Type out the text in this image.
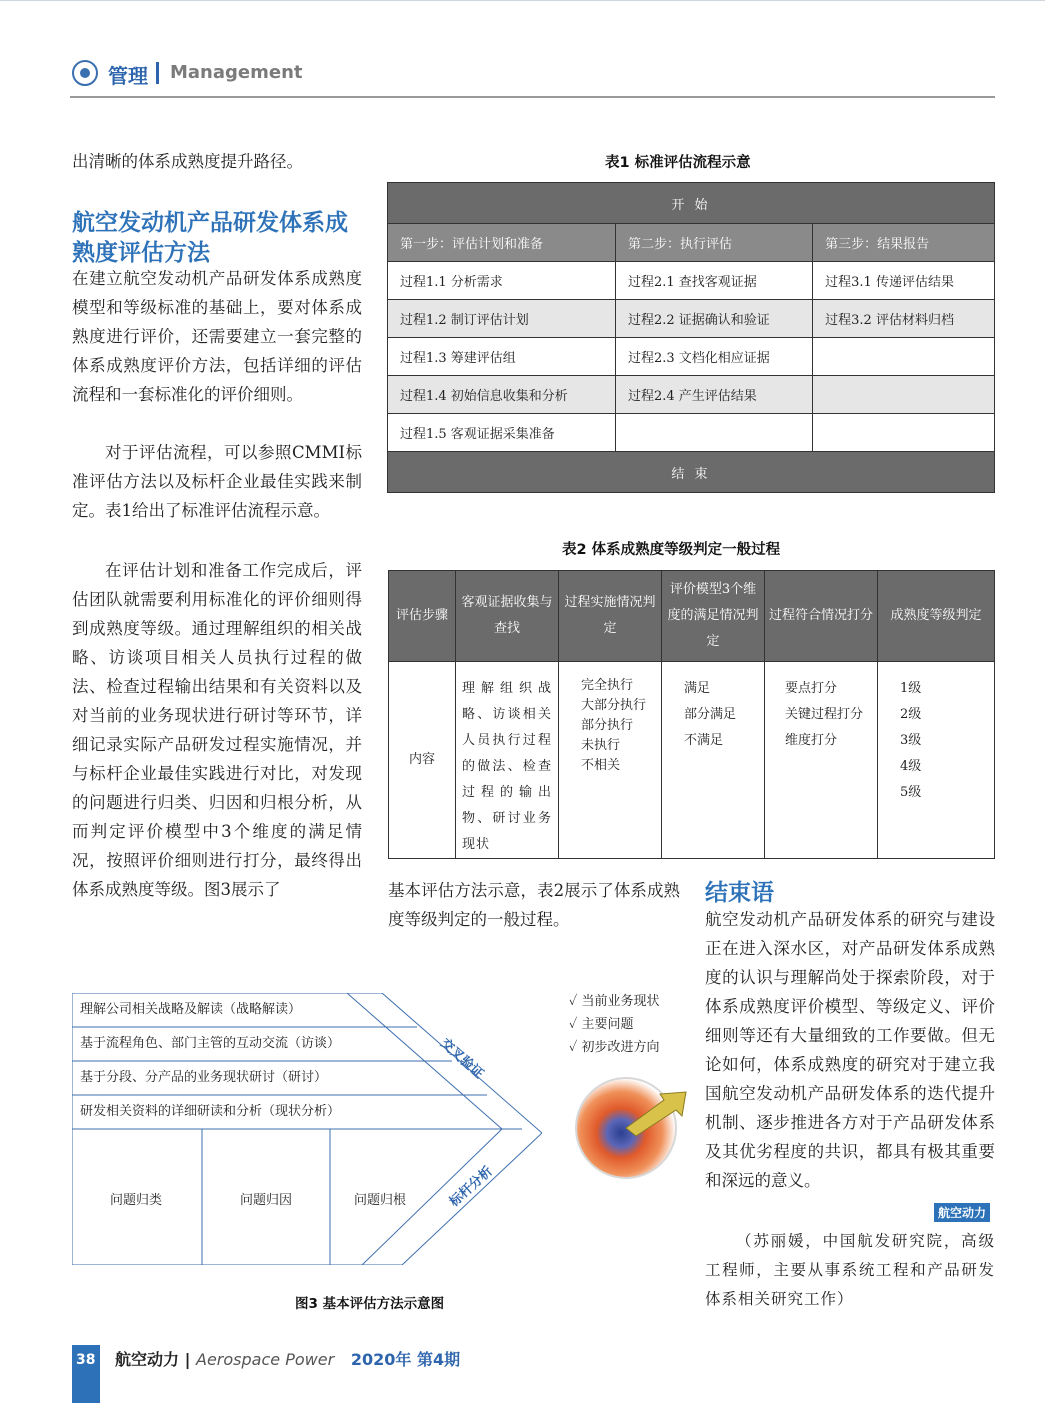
管理 Management
出清晰的体系成熟度提升路径。
航空发动机产品研发体系成熟度评估方法
在建立航空发动机产品研发体系成熟度模型和等级标准的基础上，要对体系成熟度进行评价，还需要建立一套完整的体系成熟度评价方法，包括详细的评估流程和一套标准化的评价细则。
对于评估流程，可以参照CMMI标准评估方法以及标杆企业最佳实践来制定。表1给出了标准评估流程示意。
在评估计划和准备工作完成后，评估团队就需要利用标准化的评价细则得到成熟度等级。通过理解组织的相关战略、访谈项目相关人员执行过程的做法、检查过程输出结果和有关资料以及对当前的业务现状进行研讨等环节，详细记录实际产品研发过程实施情况，并与标杆企业最佳实践进行对比，对发现的问题进行归类、归因和归根分析，从而判定评价模型中3个维度的满足情况，按照评价细则进行打分，最终得出体系成熟度等级。图3展示了
表1 标准评估流程示意
开 始		
第一步：评估计划和准备	第二步：执行评估	第三步：结果报告
过程1.1 分析需求	过程2.1 查找客观证据	过程3.1 传递评估结果
过程1.2 制订评估计划	过程2.2 证据确认和验证	过程3.2 评估材料归档
过程1.3 筹建评估组	过程2.3 文档化相应证据	
过程1.4 初始信息收集和分析	过程2.4 产生评估结果	
过程1.5 客观证据采集准备		
结 束		
表2 体系成熟度等级判定一般过程
评估步骤	客观证据收集与查找	过程实施情况判定	评价模型3个维度的满足情况判定	过程符合情况打分	成熟度等级判定
内容	理解组织战略、访谈相关人员执行过程的做法、检查过程的输出物、研讨业务现状	完全执行
大部分执行
部分执行
未执行
不相关	满足
部分满足
不满足	要点打分
关键过程打分
维度打分	1级
2级
3级
4级
5级
基本评估方法示意，表2展示了体系成熟度等级判定的一般过程。
结束语
航空发动机产品研发体系的研究与建设正在进入深水区，对产品研发体系成熟度的认识与理解尚处于探索阶段，对于体系成熟度评价模型、等级定义、评价细则等还有大量细致的工作要做。但无论如何，体系成熟度的研究对于建立我国航空发动机产品研发体系的迭代提升机制、逐步推进各方对于产品研发体系及其优劣程度的共识，都具有极其重要和深远的意义。
航空动力
（苏丽媛，中国航发研究院，高级工程师，主要从事系统工程和产品研发体系相关研究工作）
理解公司相关战略及解读（战略解读）
基于流程角色、部门主管的互动交流（访谈）
基于分段、分产品的业务现状研讨（研讨）
研发相关资料的详细研读和分析（现状分析）
问题归类	问题归因	问题归根
交叉验证
标杆分析
✓ 当前业务现状
✓ 主要问题
✓ 初步改进方向
图3 基本评估方法示意图
38 航空动力 | Aerospace Power 2020年 第4期
